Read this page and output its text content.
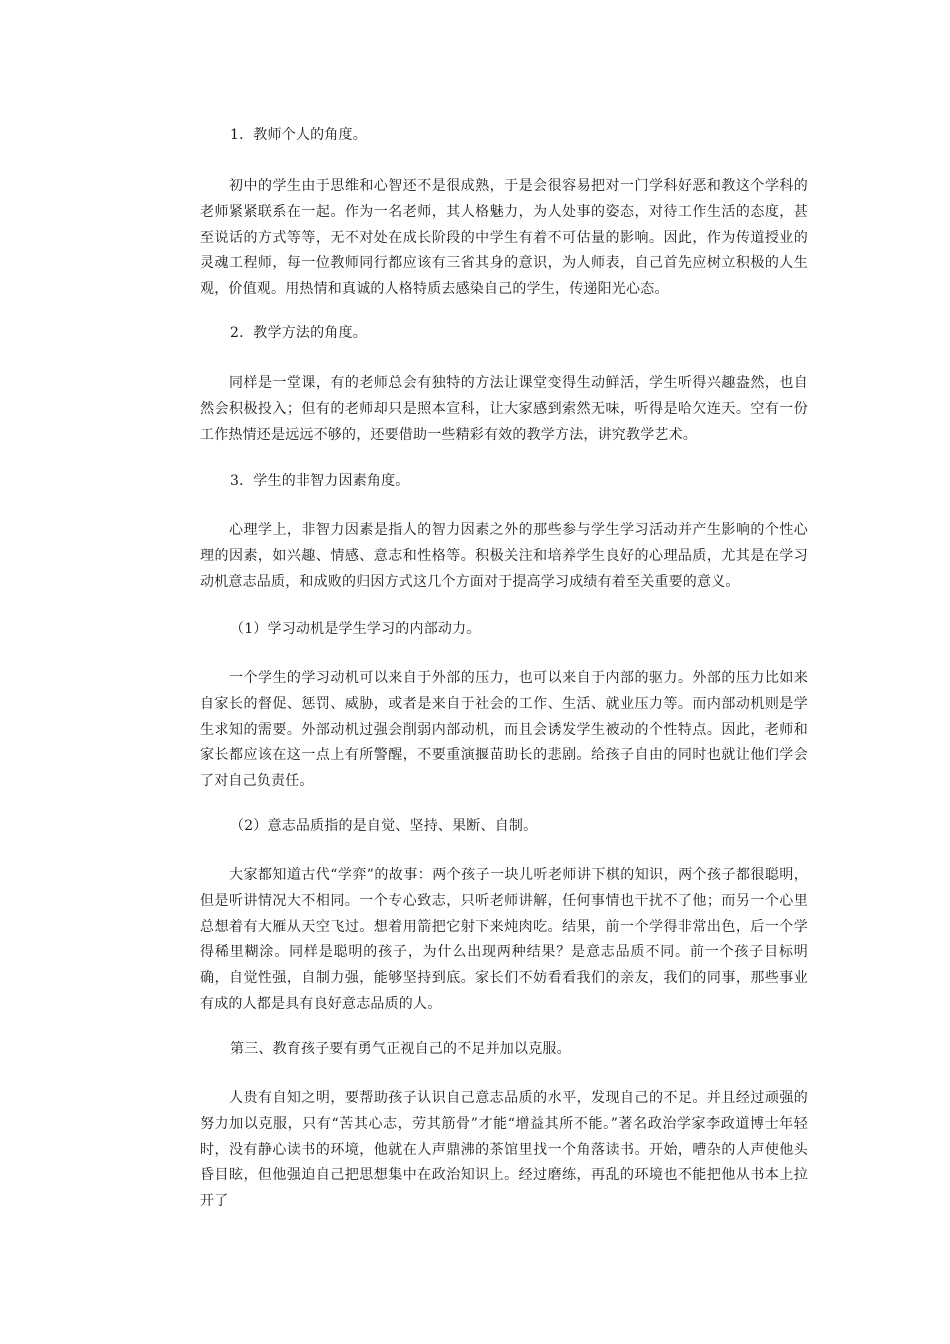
1．教师个人的角度。

初中的学生由于思维和心智还不是很成熟，于是会很容易把对一门学科好恶和教这个学科的老师紧紧联系在一起。作为一名老师，其人格魅力，为人处事的姿态，对待工作生活的态度，甚至说话的方式等等，无不对处在成长阶段的中学生有着不可估量的影响。因此，作为传道授业的灵魂工程师，每一位教师同行都应该有三省其身的意识，为人师表，自己首先应树立积极的人生观，价值观。用热情和真诚的人格特质去感染自己的学生，传递阳光心态。

2．教学方法的角度。

同样是一堂课，有的老师总会有独特的方法让课堂变得生动鲜活，学生听得兴趣盎然，也自然会积极投入；但有的老师却只是照本宣科，让大家感到索然无味，听得是哈欠连天。空有一份工作热情还是远远不够的，还要借助一些精彩有效的教学方法，讲究教学艺术。

3．学生的非智力因素角度。

心理学上，非智力因素是指人的智力因素之外的那些参与学生学习活动并产生影响的个性心理的因素，如兴趣、情感、意志和性格等。积极关注和培养学生良好的心理品质，尤其是在学习动机意志品质，和成败的归因方式这几个方面对于提高学习成绩有着至关重要的意义。

（1）学习动机是学生学习的内部动力。

一个学生的学习动机可以来自于外部的压力，也可以来自于内部的驱力。外部的压力比如来自家长的督促、惩罚、威胁，或者是来自于社会的工作、生活、就业压力等。而内部动机则是学生求知的需要。外部动机过强会削弱内部动机，而且会诱发学生被动的个性特点。因此，老师和家长都应该在这一点上有所警醒，不要重演揠苗助长的悲剧。给孩子自由的同时也就让他们学会了对自己负责任。

（2）意志品质指的是自觉、坚持、果断、自制。

大家都知道古代“学弈”的故事：两个孩子一块儿听老师讲下棋的知识，两个孩子都很聪明，但是听讲情况大不相同。一个专心致志，只听老师讲解，任何事情也干扰不了他；而另一个心里总想着有大雁从天空飞过。想着用箭把它射下来炖肉吃。结果，前一个学得非常出色，后一个学得稀里糊涂。同样是聪明的孩子，为什么出现两种结果？是意志品质不同。前一个孩子目标明确，自觉性强，自制力强，能够坚持到底。家长们不妨看看我们的亲友，我们的同事，那些事业有成的人都是具有良好意志品质的人。

第三、教育孩子要有勇气正视自己的不足并加以克服。

人贵有自知之明，要帮助孩子认识自己意志品质的水平，发现自己的不足。并且经过顽强的努力加以克服，只有“苦其心志，劳其筋骨”才能“增益其所不能。”著名政治学家李政道博士年轻时，没有静心读书的环境，他就在人声鼎沸的茶馆里找一个角落读书。开始，嘈杂的人声使他头昏目眩，但他强迫自己把思想集中在政治知识上。经过磨练，再乱的环境也不能把他从书本上拉开了
